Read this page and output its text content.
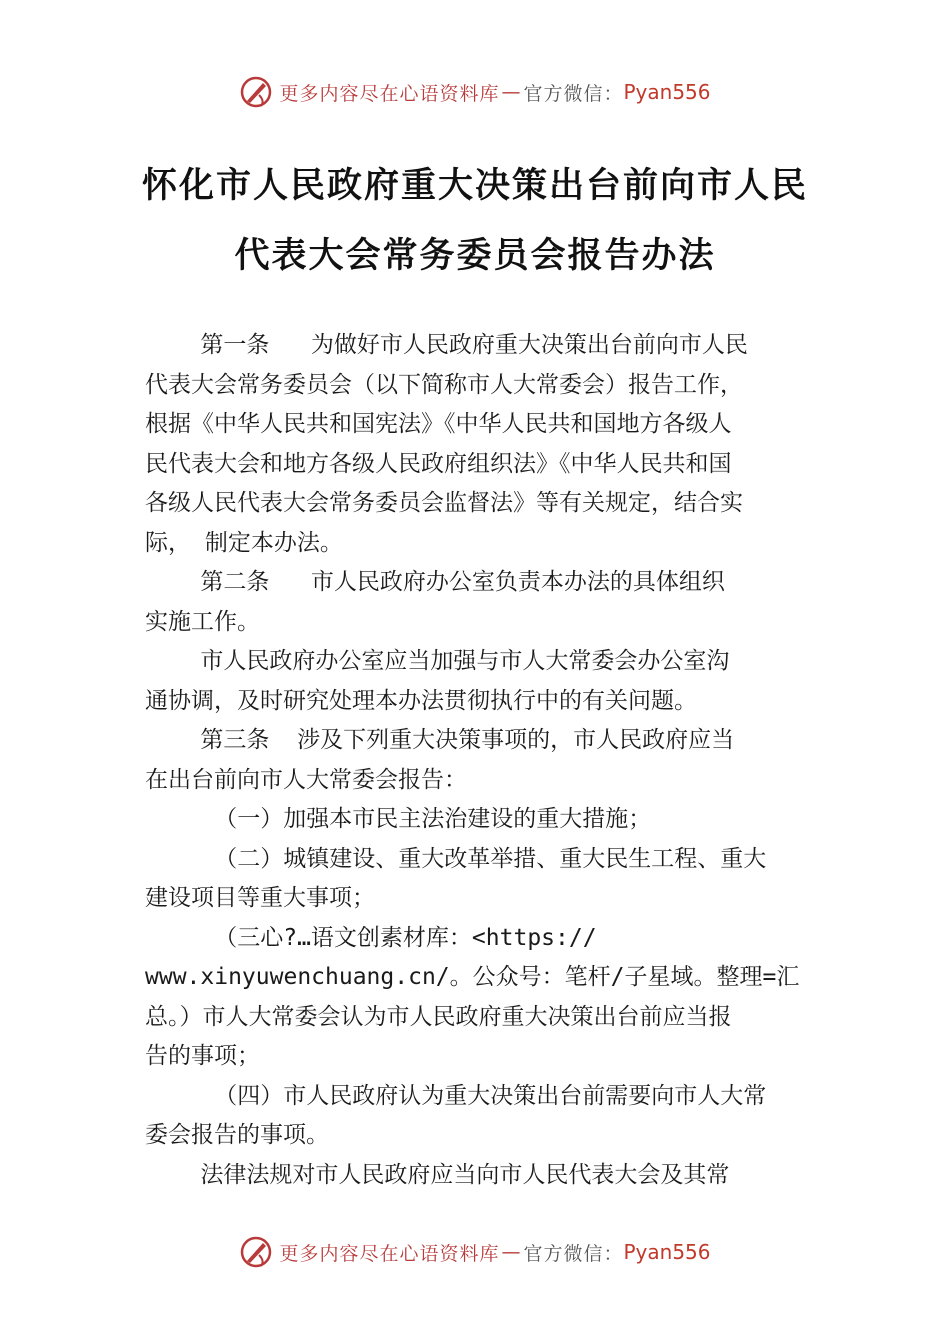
更多内容尽在心语资料库 — 官方微信： Pyan556
怀化市人民政府重大决策出台前向市人民
代表大会常务委员会报告办法

第一条   为做好市人民政府重大决策出台前向市人民

代表大会常务委员会（以下简称市人大常委会）报告工作，

根据《中华人民共和国宪法》《中华人民共和国地方各级人

民代表大会和地方各级人民政府组织法》《中华人民共和国

各级人民代表大会常务委员会监督法》等有关规定，结合实

际， 制定本办法。

第二条   市人民政府办公室负责本办法的具体组织

实施工作。

市人民政府办公室应当加强与市人大常委会办公室沟

通协调，及时研究处理本办法贯彻执行中的有关问题。

第三条  涉及下列重大决策事项的，市人民政府应当

在出台前向市人大常委会报告：

（一）加强本市民主法治建设的重大措施；

（二）城镇建设、重大改革举措、重大民生工程、重大

建设项目等重大事项；

（三心?…语文创素材库：<https://

www.xinyuwenchuang.cn/。公众号：笔杆/子星域。整理=汇

总。）市人大常委会认为市人民政府重大决策出台前应当报

告的事项；

（四）市人民政府认为重大决策出台前需要向市人大常

委会报告的事项。

法律法规对市人民政府应当向市人民代表大会及其常

更多内容尽在心语资料库 — 官方微信： Pyan556
